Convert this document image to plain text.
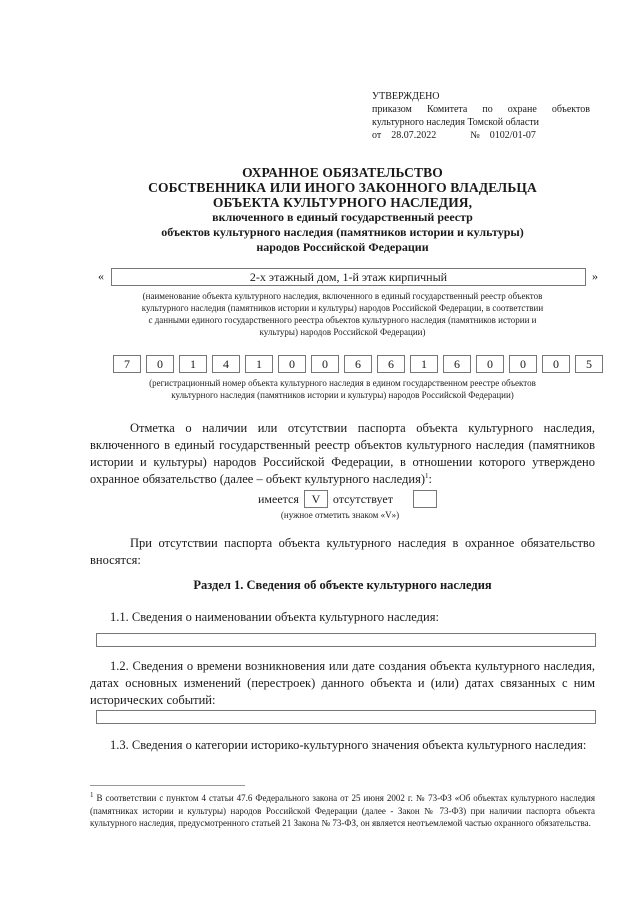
УТВЕРЖДЕНО
приказом Комитета по охране объектов
культурного наследия Томской области
от 28.07.2022	№ 0102/01-07
ОХРАННОЕ ОБЯЗАТЕЛЬСТВО
СОБСТВЕННИКА ИЛИ ИНОГО ЗАКОННОГО ВЛАДЕЛЬЦА
ОБЪЕКТА КУЛЬТУРНОГО НАСЛЕДИЯ,
включенного в единый государственный реестр
объектов культурного наследия (памятников истории и культуры)
народов Российской Федерации
«	2-х этажный дом, 1-й этаж кирпичный	»
(наименование объекта культурного наследия, включенного в единый государственный реестр объектов
культурного наследия (памятников истории и культуры) народов Российской Федерации, в соответствии
с данными единого государственного реестра объектов культурного наследия (памятников истории и
культуры) народов Российской Федерации)
7	0	1	4	1	0	0	6	6	1	6	0	0	0	5
(регистрационный номер объекта культурного наследия в едином государственном реестре объектов
культурного наследия (памятников истории и культуры) народов Российской Федерации)
Отметка о наличии или отсутствии паспорта объекта культурного наследия, включенного в единый государственный реестр объектов культурного наследия (памятников истории и культуры) народов Российской Федерации, в отношении которого утверждено охранное обязательство (далее – объект культурного наследия)$^1$:
имеется	V	отсутствует
(нужное отметить знаком «V»)
При отсутствии паспорта объекта культурного наследия в охранное обязательство вносятся:
Раздел 1. Сведения об объекте культурного наследия
1.1. Сведения о наименовании объекта культурного наследия:
1.2. Сведения о времени возникновения или дате создания объекта культурного наследия, датах основных изменений (перестроек) данного объекта и (или) датах связанных с ним исторических событий:
1.3. Сведения о категории историко-культурного значения объекта культурного наследия:
$^1$ В соответствии с пунктом 4 статьи 47.6 Федерального закона от 25 июня 2002 г. № 73-ФЗ «Об объектах культурного наследия (памятниках истории и культуры) народов Российской Федерации (далее - Закон № 73-ФЗ) при наличии паспорта объекта культурного наследия, предусмотренного статьей 21 Закона № 73-ФЗ, он является неотъемлемой частью охранного обязательства.
